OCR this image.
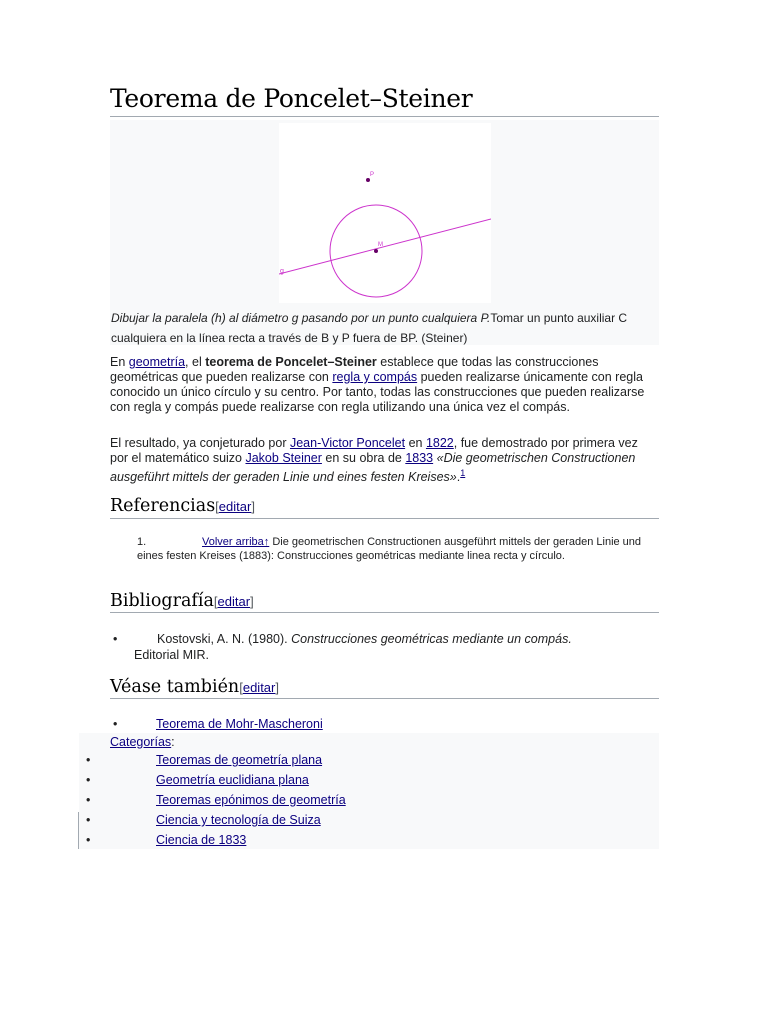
Teorema de Poncelet–Steiner
P
M
g
Dibujar la paralela (h) al diámetro g pasando por un punto cualquiera P.Tomar un punto auxiliar C cualquiera en la línea recta a través de B y P fuera de BP. (Steiner)
En geometría, el teorema de Poncelet–Steiner establece que todas las construcciones geométricas que pueden realizarse con regla y compás pueden realizarse únicamente con regla conocido un único círculo y su centro. Por tanto, todas las construcciones que pueden realizarse con regla y compás puede realizarse con regla utilizando una única vez el compás.
El resultado, ya conjeturado por Jean-Victor Poncelet en 1822, fue demostrado por primera vez por el matemático suizo Jakob Steiner en su obra de 1833 «Die geometrischen Constructionen ausgeführt mittels der geraden Linie und eines festen Kreises».$^1$
Referencias[editar]
1.	Volver arriba↑ Die geometrischen Constructionen ausgeführt mittels der geraden Linie und eines festen Kreises (1883): Construcciones geométricas mediante linea recta y círculo.
Bibliografía[editar]
•	Kostovski, A. N. (1980). Construcciones geométricas mediante un compás.
Editorial MIR.
Véase también[editar]
•	Teorema de Mohr-Mascheroni
Categorías:
•	Teoremas de geometría plana
•	Geometría euclidiana plana
•	Teoremas epónimos de geometría
•	Ciencia y tecnología de Suiza
•	Ciencia de 1833
